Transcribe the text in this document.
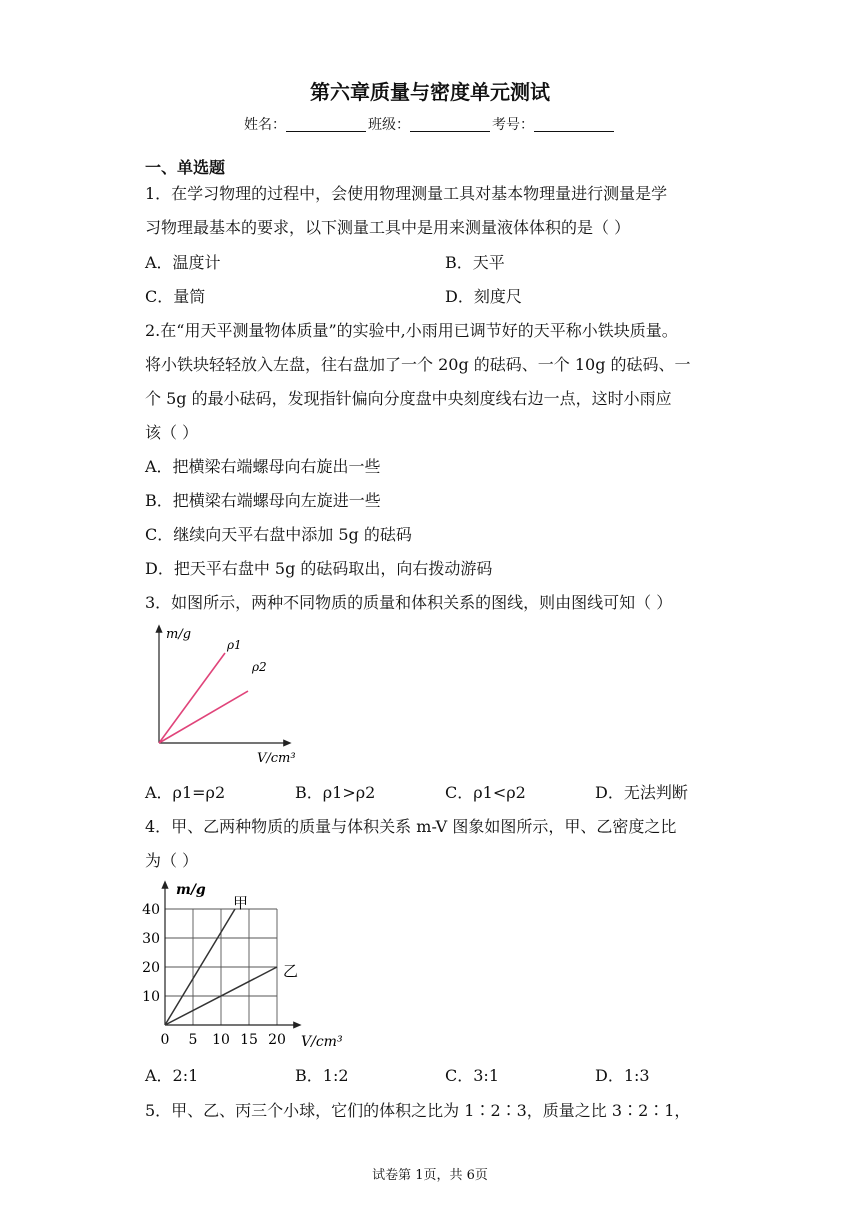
第六章质量与密度单元测试
姓名：	班级：	考号：
一、单选题
1．在学习物理的过程中，会使用物理测量工具对基本物理量进行测量是学
习物理最基本的要求，以下测量工具中是用来测量液体体积的是（ ）
A．温度计	B．天平
C．量筒	D．刻度尺
2.在“用天平测量物体质量”的实验中,小雨用已调节好的天平称小铁块质量。
将小铁块轻轻放入左盘，往右盘加了一个 20g 的砝码、一个 10g 的砝码、一
个 5g 的最小砝码，发现指针偏向分度盘中央刻度线右边一点，这时小雨应
该（ ）
A．把横梁右端螺母向右旋出一些
B．把横梁右端螺母向左旋进一些
C．继续向天平右盘中添加 5g 的砝码
D．把天平右盘中 5g 的砝码取出，向右拨动游码
3．如图所示，两种不同物质的质量和体积关系的图线，则由图线可知（ ）
m/g
V/cm³
ρ1
ρ2
A．ρ1=ρ2	B．ρ1>ρ2	C．ρ1<ρ2	D．无法判断
4．甲、乙两种物质的质量与体积关系 m-V 图象如图所示，甲、乙密度之比
为（ ）
0 5 10 15 20
10
20
30
40
m/g
V/cm³
甲
乙
A．2:1	B．1:2	C．3:1	D．1:3
5．甲、乙、丙三个小球，它们的体积之比为 1∶2∶3，质量之比 3∶2∶1，
试卷第 1页，共 6页
